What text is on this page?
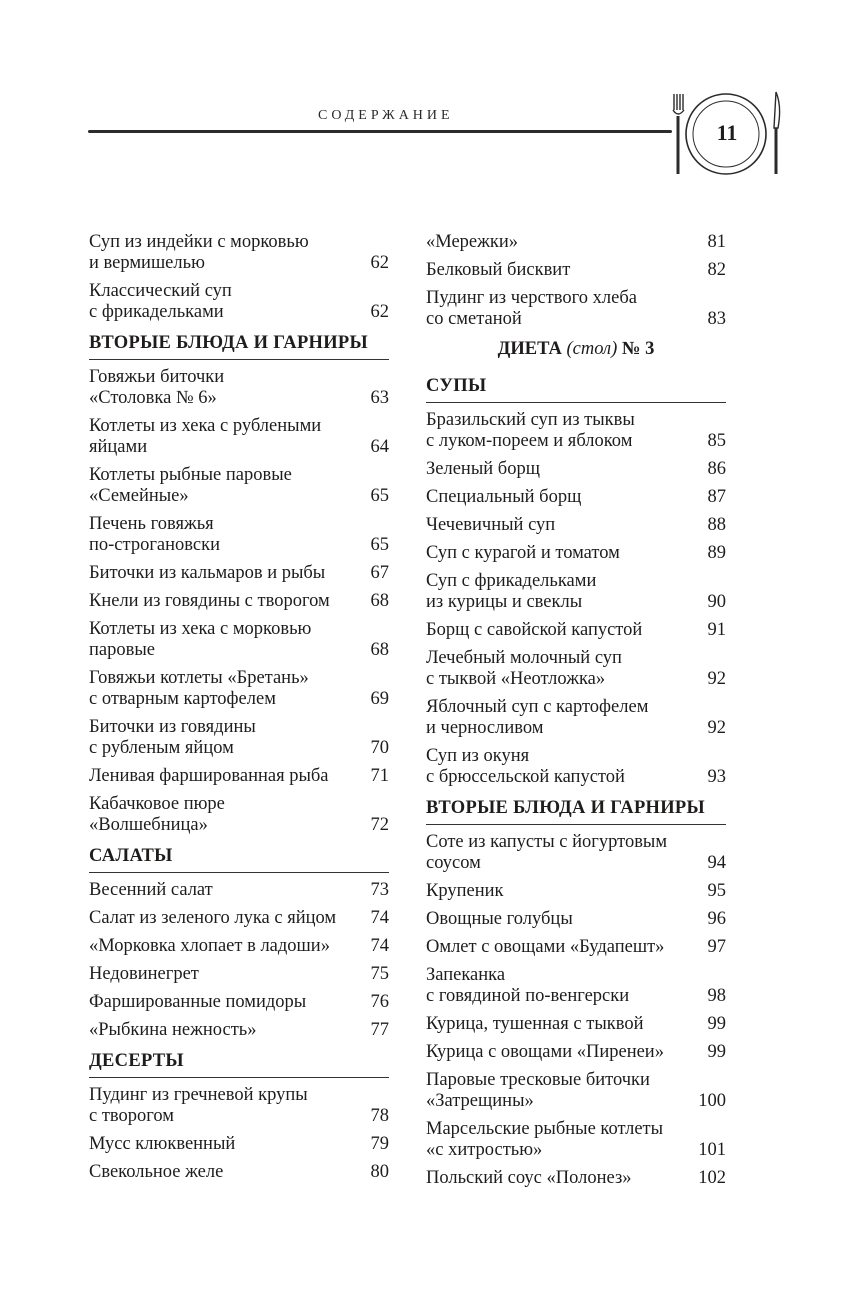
СОДЕРЖАНИЕ
11
Суп из индейки с морковью
и вермишелью	62
Классический суп
с фрикадельками	62
ВТОРЫЕ БЛЮДА И ГАРНИРЫ
Говяжьи биточки
«Столовка № 6»	63
Котлеты из хека с рублеными
яйцами	64
Котлеты рыбные паровые
«Семейные»	65
Печень говяжья
по-строгановски	65
Биточки из кальмаров и рыбы	67
Кнели из говядины с творогом	68
Котлеты из хека с морковью
паровые	68
Говяжьи котлеты «Бретань»
с отварным картофелем	69
Биточки из говядины
с рубленым яйцом	70
Ленивая фаршированная рыба	71
Кабачковое пюре
«Волшебница»	72
САЛАТЫ
Весенний салат	73
Салат из зеленого лука с яйцом	74
«Морковка хлопает в ладоши»	74
Недовинегрет	75
Фаршированные помидоры	76
«Рыбкина нежность»	77
ДЕСЕРТЫ
Пудинг из гречневой крупы
с творогом	78
Мусс клюквенный	79
Свекольное желе	80
«Мережки»	81
Белковый бисквит	82
Пудинг из черствого хлеба
со сметаной	83
ДИЕТА (стол) № 3
СУПЫ
Бразильский суп из тыквы
с луком-пореем и яблоком	85
Зеленый борщ	86
Специальный борщ	87
Чечевичный суп	88
Суп с курагой и томатом	89
Суп с фрикадельками
из курицы и свеклы	90
Борщ с савойской капустой	91
Лечебный молочный суп
с тыквой «Неотложка»	92
Яблочный суп с картофелем
и черносливом	92
Суп из окуня
с брюссельской капустой	93
ВТОРЫЕ БЛЮДА И ГАРНИРЫ
Соте из капусты с йогуртовым
соусом	94
Крупеник	95
Овощные голубцы	96
Омлет с овощами «Будапешт»	97
Запеканка
с говядиной по-венгерски	98
Курица, тушенная с тыквой	99
Курица с овощами «Пиренеи»	99
Паровые тресковые биточки
«Затрещины»	100
Марсельские рыбные котлеты
«с хитростью»	101
Польский соус «Полонез»	102
